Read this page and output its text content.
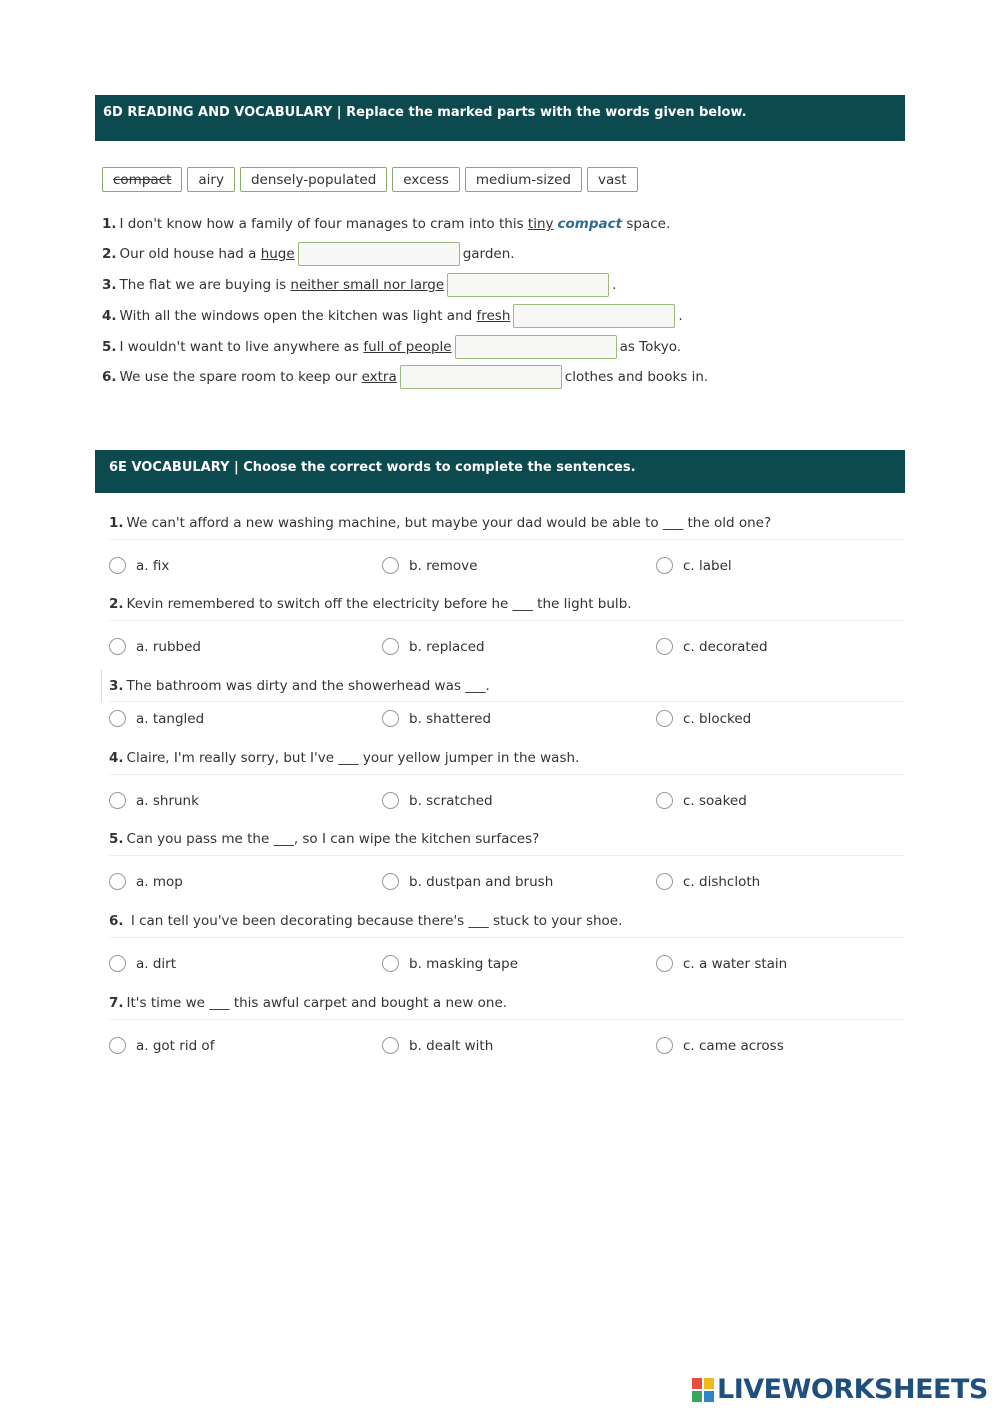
6D READING AND VOCABULARY | Replace the marked parts with the words given below.
compact	airy	densely-populated	excess	medium-sized	vast
1. I don't know how a family of four manages to cram into this
tiny compact
space.
2. Our old house had a
huge	garden.
3. The flat we are buying is
neither small nor large	.
4. With all the windows open the kitchen was light and
fresh	.
5. I wouldn't want to live anywhere as
full of people	as Tokyo.
6. We use the spare room to keep our
extra	clothes and books in.
6E VOCABULARY | Choose the correct words to complete the sentences.
1. We can't afford a new washing machine, but maybe your dad would be able to ___ the old one?
a. fix	b. remove	c. label
2. Kevin remembered to switch off the electricity before he ___ the light bulb.
a. rubbed	b. replaced	c. decorated
3. The bathroom was dirty and the showerhead was ___.
a. tangled	b. shattered	c. blocked
4. Claire, I'm really sorry, but I've ___ your yellow jumper in the wash.
a. shrunk	b. scratched	c. soaked
5. Can you pass me the ___, so I can wipe the kitchen surfaces?
a. mop	b. dustpan and brush	c. dishcloth
6. I can tell you've been decorating because there's ___ stuck to your shoe.
a. dirt	b. masking tape	c. a water stain
7. It's time we ___ this awful carpet and bought a new one.
a. got rid of	b. dealt with	c. came across
LIVEWORKSHEETS
